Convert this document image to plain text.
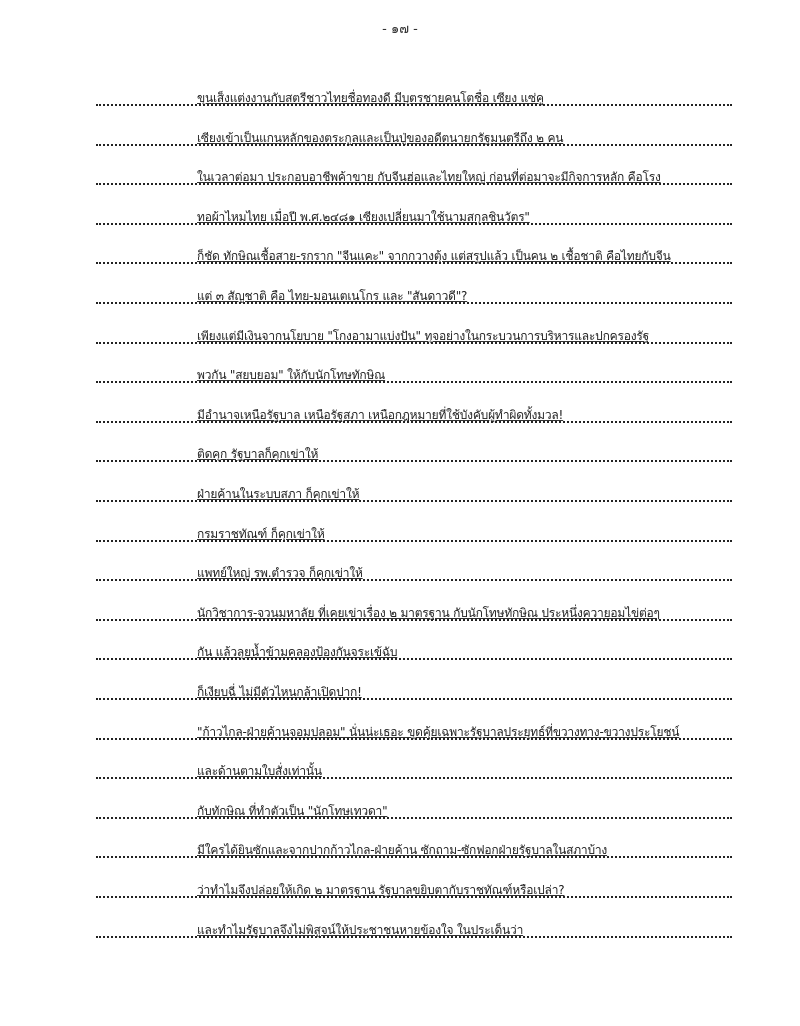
- ๑๗ -
ขุนเส็งแต่งงานกับสตรีชาวไทยชื่อทองดี มีบุตรชายคนโตชื่อ เซียง แซ่คู
เซียงเข้าเป็นแกนหลักของตระกูลและเป็นปู่ของอดีตนายกรัฐมนตรีถึง ๒ คน
ในเวลาต่อมา ประกอบอาชีพค้าขาย กับจีนฮ่อและไทยใหญ่ ก่อนที่ต่อมาจะมีกิจการหลัก คือโรง
ทอผ้าไหมไทย เมื่อปี พ.ศ.๒๔๘๑ เซียงเปลี่ยนมาใช้นามสกุลชินวัตร"
ก็ชัด ทักษิณเชื้อสาย-รกราก "จีนแคะ" จากกวางตุ้ง แต่สรุปแล้ว เป็นคน ๒ เชื้อชาติ คือไทยกับจีน
แต่ ๓ สัญชาติ คือ ไทย-มอนเตเนโกร และ "สันดาวดี"?
เพียงแต่มีเงินจากนโยบาย "โกงอามาแบ่งปัน" ทุจอย่างในกระบวนการบริหารและปกครองรัฐ
พวกัน "สยบยอม" ให้กับนักโทษทักษิณ
มีอำนาจเหนือรัฐบาล เหนือรัฐสภา เหนือกฎหมายที่ใช้บังคับผู้ทำผิดทั้งมวล!
ติดคุก รัฐบาลก็คุกเข่าให้
ฝ่ายค้านในระบบสภา ก็คุกเข่าให้
กรมราชทัณฑ์ ก็คุกเข่าให้
แพทย์ใหญ่ รพ.ตำรวจ ก็คุกเข่าให้
นักวิชาการ-จวนมหาลัย ที่เคยเข่าเรื่อง ๒ มาตรฐาน กับนักโทษทักษิณ ประหนึ่งควายอมไข่ต่อๆ
กัน แล้วลุยน้ำข้ามคลองป้องกันจระเข้ฉับ
ก็เงียบฉี่ ไม่มีตัวไหนกล้าเปิดปาก!
"ก้าวไกล-ฝ่ายค้านจอมปลอม" นั่นน่ะเธอะ ขุดคุ้ยเฉพาะรัฐบาลประยุทธ์ที่ขวางทาง-ขวางประโยชน์
และด้านตามใบสั่งเท่านั้น
กับทักษิณ ที่ทำตัวเป็น "นักโทษเทวดา"
มีใครได้ยินซักและจากปากก้าวไกล-ฝ่ายค้าน ซักถาม-ซักฟอกฝ่ายรัฐบาลในสภาบ้าง
ว่าทำไมจึงปล่อยให้เกิด ๒ มาตรฐาน รัฐบาลขยิบตากับราชทัณฑ์หรือเปล่า?
และทำไมรัฐบาลจึงไม่พิสูจน์ให้ประชาชนหายข้องใจ ในประเด็นว่า
